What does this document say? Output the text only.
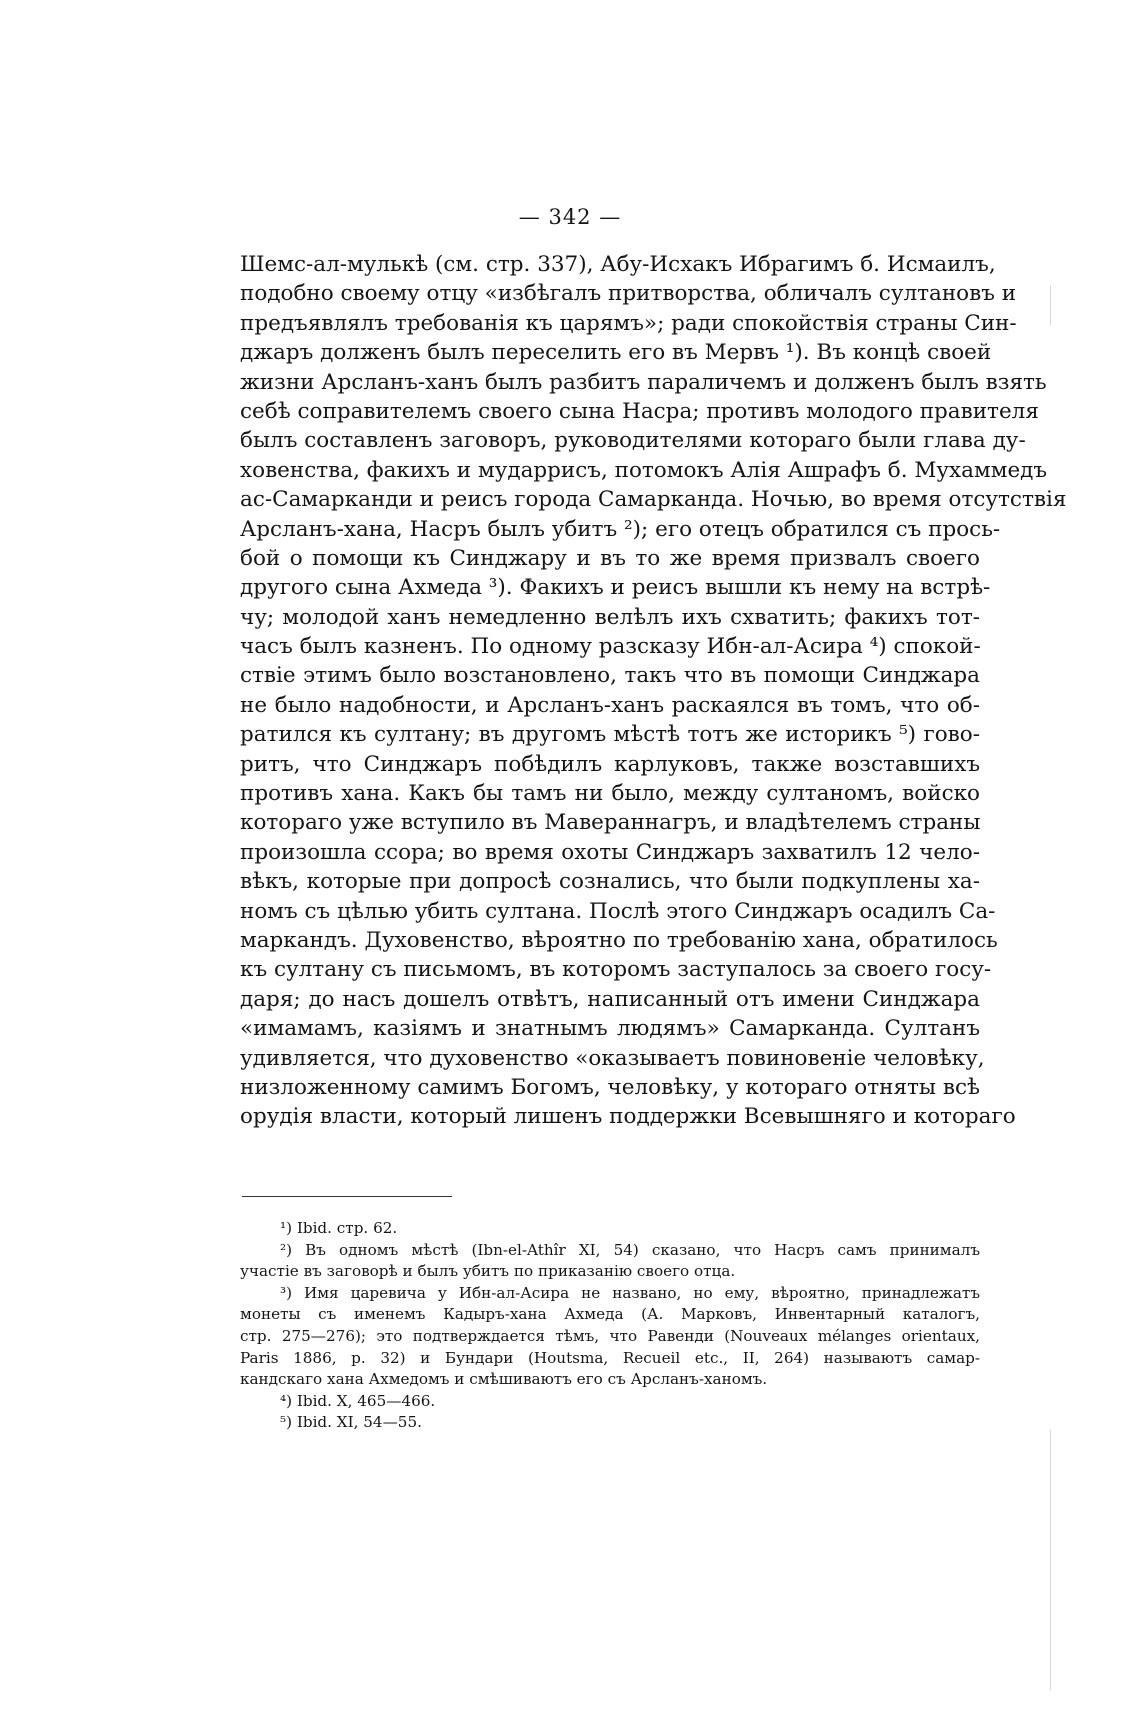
— 342 —
Шемс-ал-мулькѣ (см. стр. 337), Абу-Исхакъ Ибрагимъ б. Исмаилъ,
подобно своему отцу «избѣгалъ притворства, обличалъ султановъ и
предъявлялъ требованія къ царямъ»; ради спокойствія страны Син-
джаръ долженъ былъ переселить его въ Мервъ ¹). Въ концѣ своей
жизни Арсланъ-ханъ былъ разбитъ параличемъ и долженъ былъ взять
себѣ соправителемъ своего сына Насра; противъ молодого правителя
былъ составленъ заговоръ, руководителями котораго были глава ду-
ховенства, факихъ и мударрисъ, потомокъ Алія Ашрафъ б. Мухаммедъ
ас-Самарканди и реисъ города Самарканда. Ночью, во время отсутствія
Арсланъ-хана, Насръ былъ убитъ ²); его отецъ обратился съ прось-
бой о помощи къ Синджару и въ то же время призвалъ своего
другого сына Ахмеда ³). Факихъ и реисъ вышли къ нему на встрѣ-
чу; молодой ханъ немедленно велѣлъ ихъ схватить; факихъ тот-
часъ былъ казненъ. По одному разсказу Ибн-ал-Асира ⁴) спокой-
ствіе этимъ было возстановлено, такъ что въ помощи Синджара
не было надобности, и Арсланъ-ханъ раскаялся въ томъ, что об-
ратился къ султану; въ другомъ мѣстѣ тотъ же историкъ ⁵) гово-
ритъ, что Синджаръ побѣдилъ карлуковъ, также возставшихъ
противъ хана. Какъ бы тамъ ни было, между султаномъ, войско
котораго уже вступило въ Мавераннагръ, и владѣтелемъ страны
произошла ссора; во время охоты Синджаръ захватилъ 12 чело-
вѣкъ, которые при допросѣ сознались, что были подкуплены ха-
номъ съ цѣлью убить султана. Послѣ этого Синджаръ осадилъ Са-
маркандъ. Духовенство, вѣроятно по требованію хана, обратилось
къ султану съ письмомъ, въ которомъ заступалось за своего госу-
даря; до насъ дошелъ отвѣтъ, написанный отъ имени Синджара
«имамамъ, казіямъ и знатнымъ людямъ» Самарканда. Султанъ
удивляется, что духовенство «оказываетъ повиновеніе человѣку,
низложенному самимъ Богомъ, человѣку, у котораго отняты всѣ
орудія власти, который лишенъ поддержки Всевышняго и котораго
¹) Ibid. стр. 62.
²) Въ одномъ мѣстѣ (Ibn-el-Athîr XI, 54) сказано, что Насръ самъ принималъ
участіе въ заговорѣ и былъ убитъ по приказанію своего отца.
³) Имя царевича у Ибн-ал-Асира не названо, но ему, вѣроятно, принадлежатъ
монеты съ именемъ Кадыръ-хана Ахмеда (А. Марковъ, Инвентарный каталогъ,
стр. 275—276); это подтверждается тѣмъ, что Равенди (Nouveaux mélanges orientaux,
Paris 1886, p. 32) и Бундари (Houtsma, Recueil etc., II, 264) называютъ самар-
кандскаго хана Ахмедомъ и смѣшиваютъ его съ Арсланъ-ханомъ.
⁴) Ibid. X, 465—466.
⁵) Ibid. XI, 54—55.
